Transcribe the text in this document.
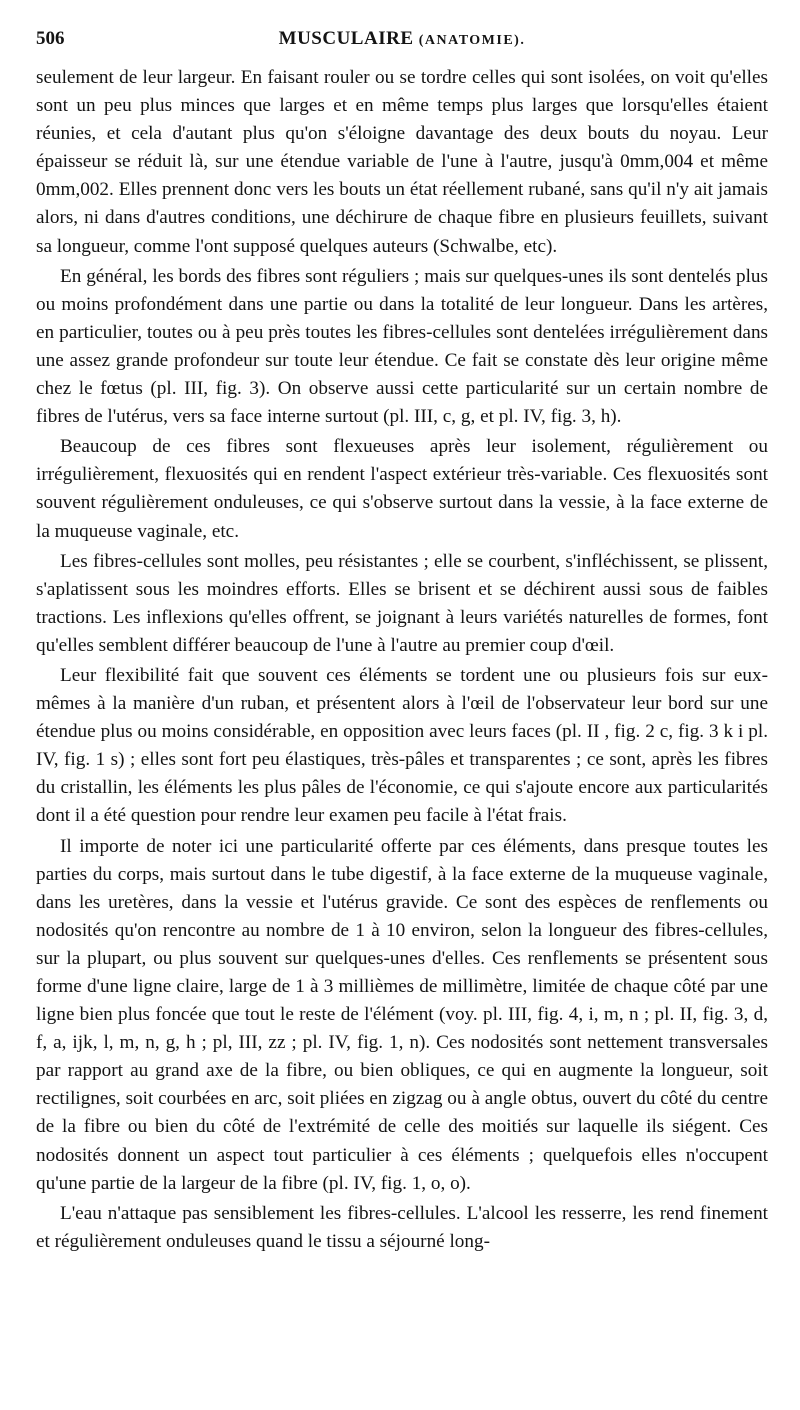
506	MUSCULAIRE (ANATOMIE).

seulement de leur largeur. En faisant rouler ou se tordre celles qui sont isolées, on voit qu'elles sont un peu plus minces que larges et en même temps plus larges que lorsqu'elles étaient réunies, et cela d'autant plus qu'on s'éloigne davantage des deux bouts du noyau. Leur épaisseur se réduit là, sur une étendue variable de l'une à l'autre, jusqu'à 0mm,004 et même 0mm,002. Elles prennent donc vers les bouts un état réellement rubané, sans qu'il n'y ait jamais alors, ni dans d'autres conditions, une déchirure de chaque fibre en plusieurs feuillets, suivant sa longueur, comme l'ont supposé quelques auteurs (Schwalbe, etc).

En général, les bords des fibres sont réguliers ; mais sur quelques-unes ils sont dentelés plus ou moins profondément dans une partie ou dans la totalité de leur longueur. Dans les artères, en particulier, toutes ou à peu près toutes les fibres-cellules sont dentelées irrégulièrement dans une assez grande profondeur sur toute leur étendue. Ce fait se constate dès leur origine même chez le fœtus (pl. III, fig. 3). On observe aussi cette particularité sur un certain nombre de fibres de l'utérus, vers sa face interne surtout (pl. III, c, g, et pl. IV, fig. 3, h).

Beaucoup de ces fibres sont flexueuses après leur isolement, régulièrement ou irrégulièrement, flexuosités qui en rendent l'aspect extérieur très-variable. Ces flexuosités sont souvent régulièrement onduleuses, ce qui s'observe surtout dans la vessie, à la face externe de la muqueuse vaginale, etc.

Les fibres-cellules sont molles, peu résistantes ; elle se courbent, s'infléchissent, se plissent, s'aplatissent sous les moindres efforts. Elles se brisent et se déchirent aussi sous de faibles tractions. Les inflexions qu'elles offrent, se joignant à leurs variétés naturelles de formes, font qu'elles semblent différer beaucoup de l'une à l'autre au premier coup d'œil.

Leur flexibilité fait que souvent ces éléments se tordent une ou plusieurs fois sur eux-mêmes à la manière d'un ruban, et présentent alors à l'œil de l'observateur leur bord sur une étendue plus ou moins considérable, en opposition avec leurs faces (pl. II , fig. 2 c, fig. 3 k i pl. IV, fig. 1 s) ; elles sont fort peu élastiques, très-pâles et transparentes ; ce sont, après les fibres du cristallin, les éléments les plus pâles de l'économie, ce qui s'ajoute encore aux particularités dont il a été question pour rendre leur examen peu facile à l'état frais.

Il importe de noter ici une particularité offerte par ces éléments, dans presque toutes les parties du corps, mais surtout dans le tube digestif, à la face externe de la muqueuse vaginale, dans les uretères, dans la vessie et l'utérus gravide. Ce sont des espèces de renflements ou nodosités qu'on rencontre au nombre de 1 à 10 environ, selon la longueur des fibres-cellules, sur la plupart, ou plus souvent sur quelques-unes d'elles. Ces renflements se présentent sous forme d'une ligne claire, large de 1 à 3 millièmes de millimètre, limitée de chaque côté par une ligne bien plus foncée que tout le reste de l'élément (voy. pl. III, fig. 4, i, m, n ; pl. II, fig. 3, d, f, a, ijk, l, m, n, g, h ; pl, III, zz ; pl. IV, fig. 1, n). Ces nodosités sont nettement transversales par rapport au grand axe de la fibre, ou bien obliques, ce qui en augmente la longueur, soit rectilignes, soit courbées en arc, soit pliées en zigzag ou à angle obtus, ouvert du côté du centre de la fibre ou bien du côté de l'extrémité de celle des moitiés sur laquelle ils siégent. Ces nodosités donnent un aspect tout particulier à ces éléments ; quelquefois elles n'occupent qu'une partie de la largeur de la fibre (pl. IV, fig. 1, o, o).

L'eau n'attaque pas sensiblement les fibres-cellules. L'alcool les resserre, les rend finement et régulièrement onduleuses quand le tissu a séjourné long-
